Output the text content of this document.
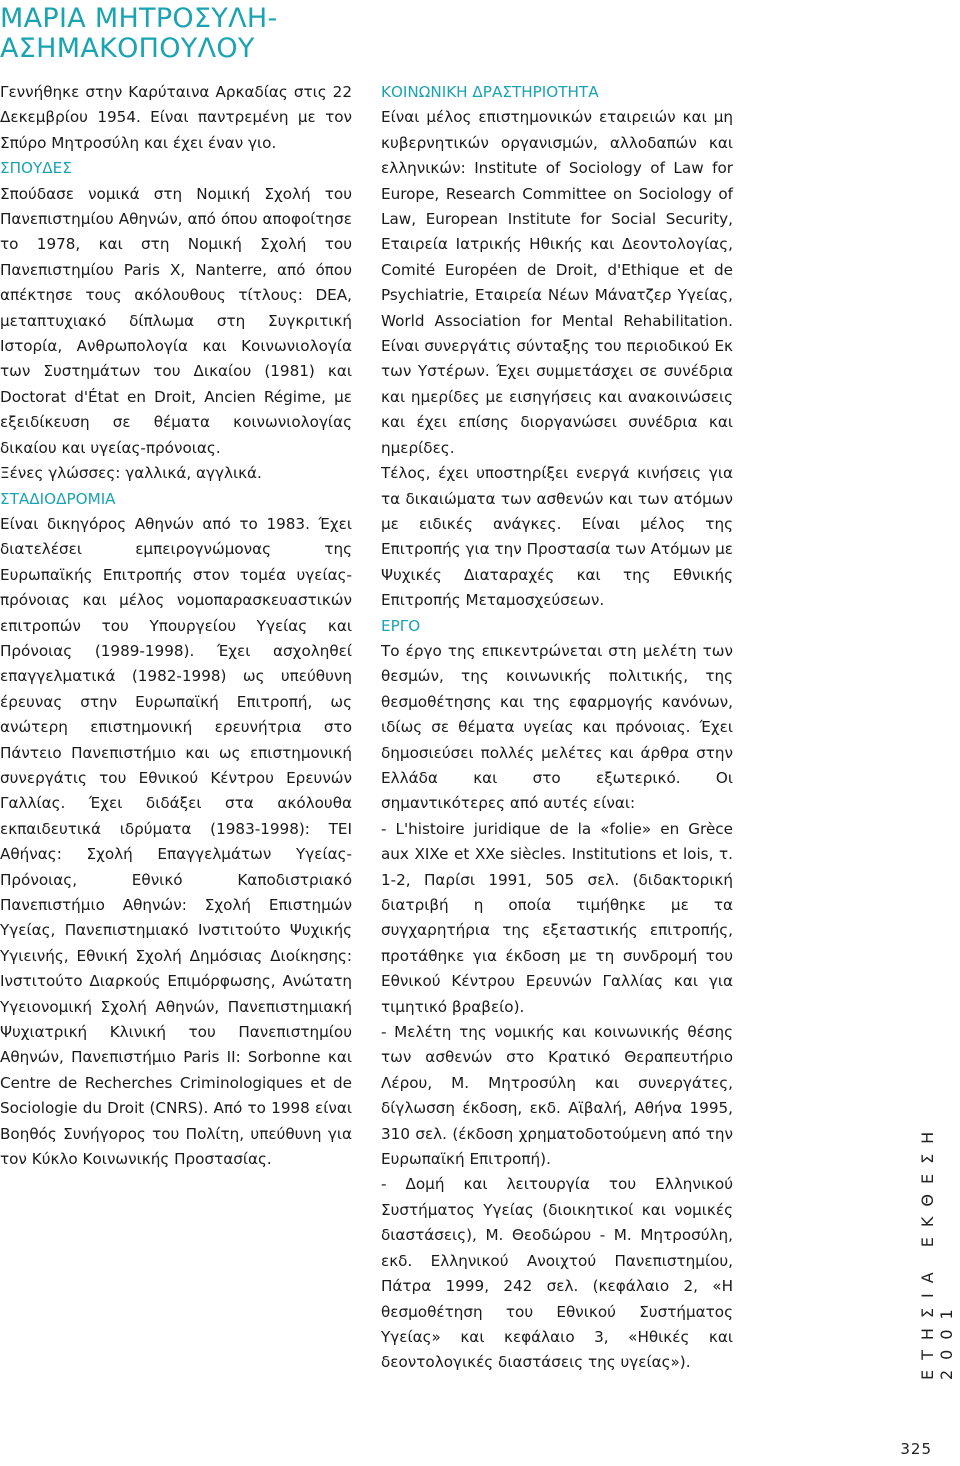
ΜΑΡΙΑ ΜΗΤΡΟΣΥΛΗ-
ΑΣΗΜΑΚΟΠΟΥΛΟΥ

Γεννήθηκε στην Καρύταινα Αρκαδίας στις 22 Δεκεμβρίου 1954. Είναι παντρεμένη με τον Σπύρο Μητροσύλη και έχει έναν γιο.

ΣΠΟΥΔΕΣ

Σπούδασε νομικά στη Νομική Σχολή του Πανεπιστημίου Αθηνών, από όπου αποφοίτησε το 1978, και στη Νομική Σχολή του Πανεπιστημίου Paris X, Nanterre, από όπου απέκτησε τους ακόλουθους τίτλους: DEA, μεταπτυχιακό δίπλωμα στη Συγκριτική Ιστορία, Ανθρωπολογία και Κοινωνιολογία των Συστημάτων του Δικαίου (1981) και Doctorat d'État en Droit, Ancien Régime, με εξειδίκευση σε θέματα κοινωνιολογίας δικαίου και υγείας-πρόνοιας.

Ξένες γλώσσες: γαλλικά, αγγλικά.

ΣΤΑΔΙΟΔΡΟΜΙΑ

Είναι δικηγόρος Αθηνών από το 1983. Έχει διατελέσει εμπειρογνώμονας της Ευρωπαϊκής Επιτροπής στον τομέα υγείας-πρόνοιας και μέλος νομοπαρασκευαστικών επιτροπών του Υπουργείου Υγείας και Πρόνοιας (1989-1998). Έχει ασχοληθεί επαγγελματικά (1982-1998) ως υπεύθυνη έρευνας στην Ευρωπαϊκή Επιτροπή, ως ανώτερη επιστημονική ερευνήτρια στο Πάντειο Πανεπιστήμιο και ως επιστημονική συνεργάτις του Εθνικού Κέντρου Ερευνών Γαλλίας. Έχει διδάξει στα ακόλουθα εκπαιδευτικά ιδρύματα (1983-1998): ΤΕΙ Αθήνας: Σχολή Επαγγελμάτων Υγείας-Πρόνοιας, Εθνικό Καποδιστριακό Πανεπιστήμιο Αθηνών: Σχολή Επιστημών Υγείας, Πανεπιστημιακό Ινστιτούτο Ψυχικής Υγιεινής, Εθνική Σχολή Δημόσιας Διοίκησης: Ινστιτούτο Διαρκούς Επιμόρφωσης, Ανώτατη Υγειονομική Σχολή Αθηνών, Πανεπιστημιακή Ψυχιατρική Κλινική του Πανεπιστημίου Αθηνών, Πανεπιστήμιο Paris II: Sorbonne και Centre de Recherches Criminologiques et de Sociologie du Droit (CNRS). Από το 1998 είναι Βοηθός Συνήγορος του Πολίτη, υπεύθυνη για τον Κύκλο Κοινωνικής Προστασίας.

ΚΟΙΝΩΝΙΚΗ ΔΡΑΣΤΗΡΙΟΤΗΤΑ

Είναι μέλος επιστημονικών εταιρειών και μη κυβερνητικών οργανισμών, αλλοδαπών και ελληνικών: Institute of Sociology of Law for Europe, Research Committee on Sociology of Law, European Institute for Social Security, Εταιρεία Ιατρικής Ηθικής και Δεοντολογίας, Comité Européen de Droit, d'Ethique et de Psychiatrie, Εταιρεία Νέων Μάνατζερ Υγείας, World Association for Mental Rehabilitation. Είναι συνεργάτις σύνταξης του περιοδικού Εκ των Υστέρων. Έχει συμμετάσχει σε συνέδρια και ημερίδες με εισηγήσεις και ανακοινώσεις και έχει επίσης διοργανώσει συνέδρια και ημερίδες.

Τέλος, έχει υποστηρίξει ενεργά κινήσεις για τα δικαιώματα των ασθενών και των ατόμων με ειδικές ανάγκες. Είναι μέλος της Επιτροπής για την Προστασία των Ατόμων με Ψυχικές Διαταραχές και της Εθνικής Επιτροπής Μεταμοσχεύσεων.

ΕΡΓΟ

Το έργο της επικεντρώνεται στη μελέτη των θεσμών, της κοινωνικής πολιτικής, της θεσμοθέτησης και της εφαρμογής κανόνων, ιδίως σε θέματα υγείας και πρόνοιας. Έχει δημοσιεύσει πολλές μελέτες και άρθρα στην Ελλάδα και στο εξωτερικό. Οι σημαντικότερες από αυτές είναι:

- L'histoire juridique de la «folie» en Grèce aux XIXe et XXe siècles. Institutions et lois, τ. 1-2, Παρίσι 1991, 505 σελ. (διδακτορική διατριβή η οποία τιμήθηκε με τα συγχαρητήρια της εξεταστικής επιτροπής, προτάθηκε για έκδοση με τη συνδρομή του Εθνικού Κέντρου Ερευνών Γαλλίας και για τιμητικό βραβείο).

- Μελέτη της νομικής και κοινωνικής θέσης των ασθενών στο Κρατικό Θεραπευτήριο Λέρου, Μ. Μητροσύλη και συνεργάτες, δίγλωσση έκδοση, εκδ. Αϊβαλή, Αθήνα 1995, 310 σελ. (έκδοση χρηματοδοτούμενη από την Ευρωπαϊκή Επιτροπή).

- Δομή και λειτουργία του Ελληνικού Συστήματος Υγείας (διοικητικοί και νομικές διαστάσεις), Μ. Θεοδώρου - Μ. Μητροσύλη, εκδ. Ελληνικού Ανοιχτού Πανεπιστημίου, Πάτρα 1999, 242 σελ. (κεφάλαιο 2, «Η θεσμοθέτηση του Εθνικού Συστήματος Υγείας» και κεφάλαιο 3, «Ηθικές και δεοντολογικές διαστάσεις της υγείας»).	ΕΤΗΣΙΑ ΕΚΘΕΣΗ 2001
325
